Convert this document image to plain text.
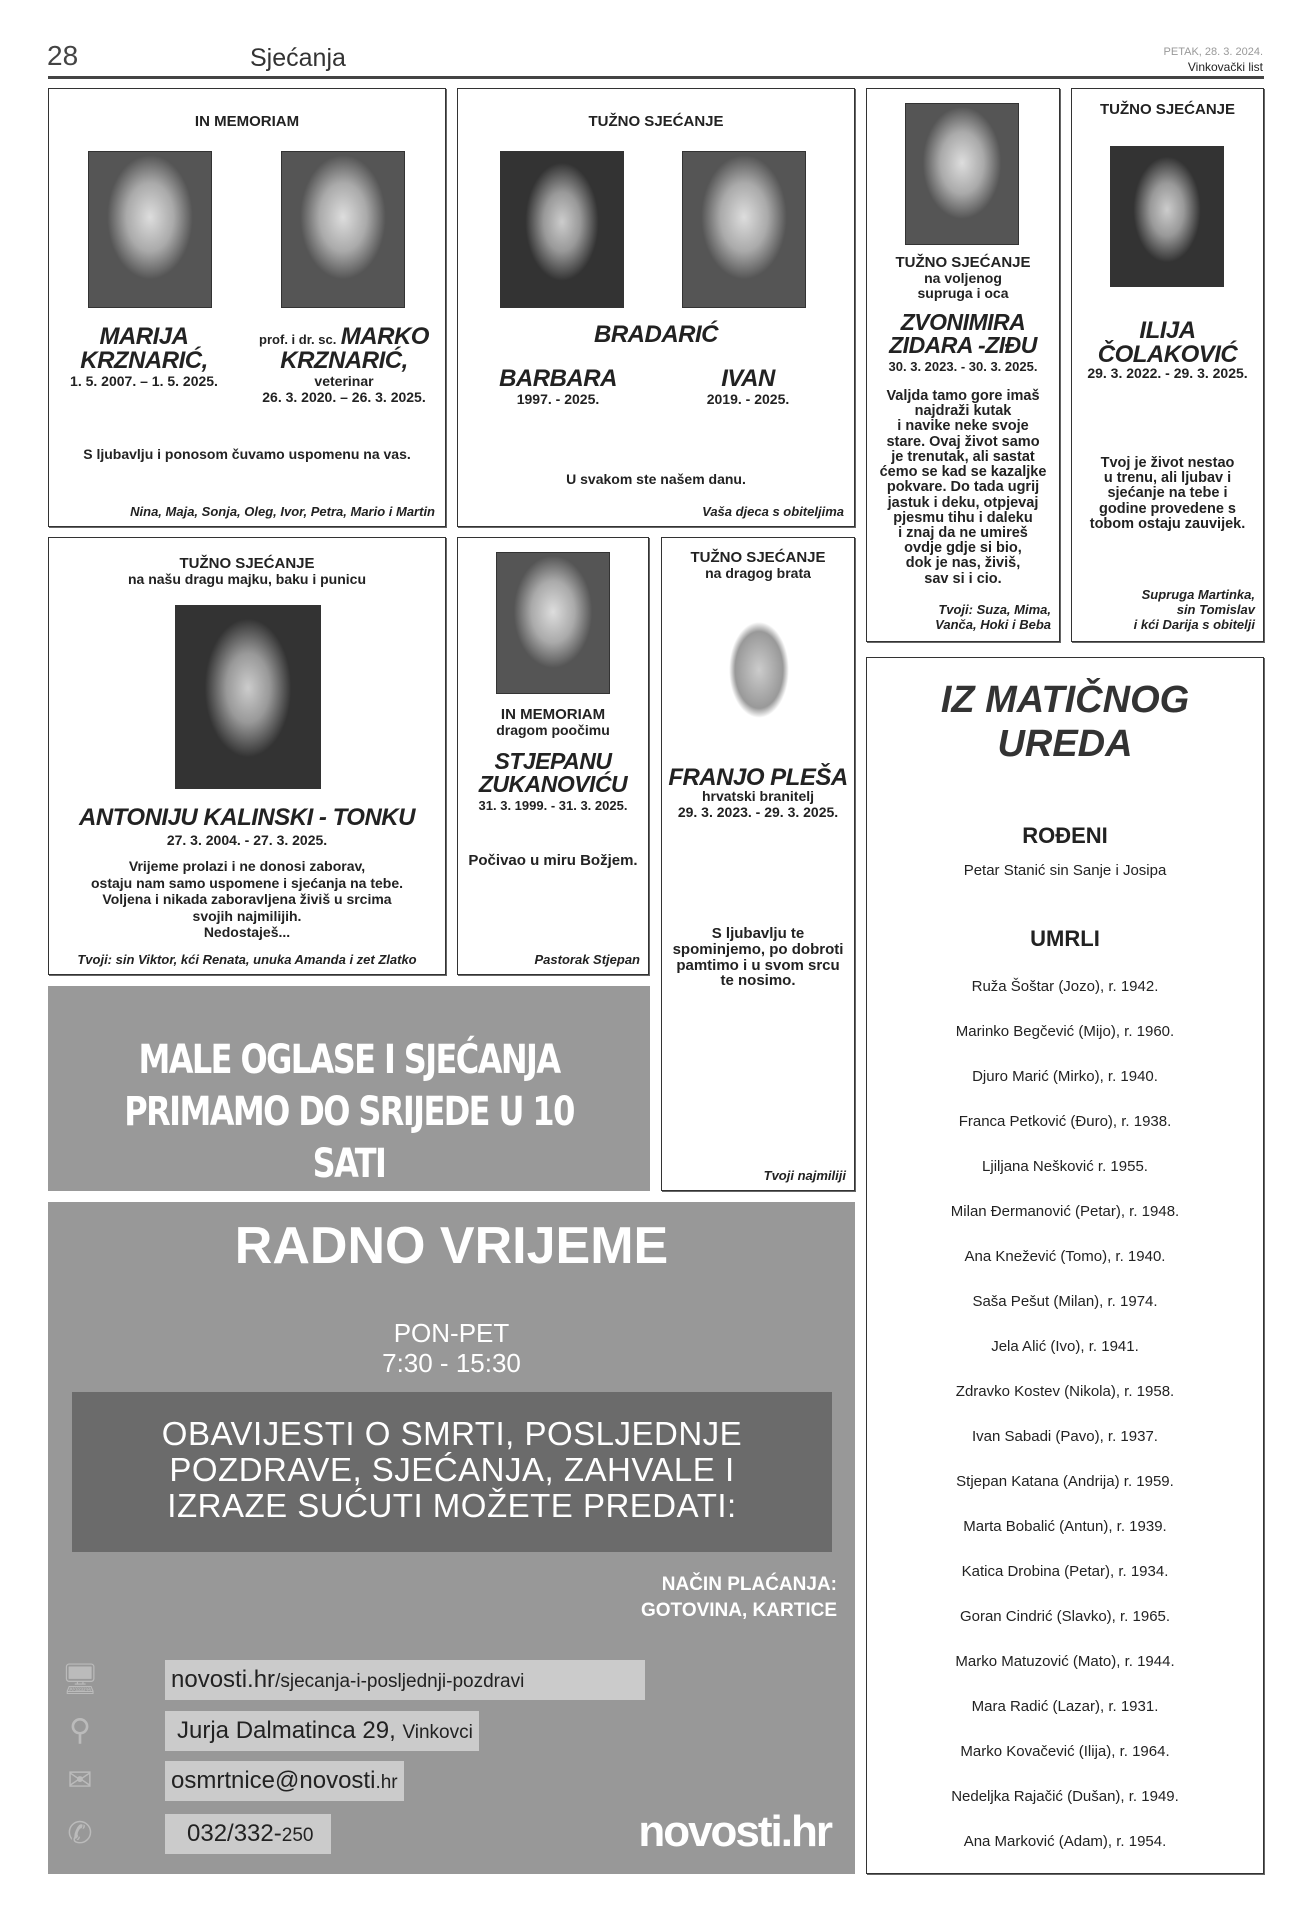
28	Sjećanja	PETAK, 28. 3. 2024.
Vinkovački list
IN MEMORIAM
MARIJA
KRZNARIĆ,
1. 5. 2007. – 1. 5. 2025.
prof. i dr. sc. MARKO
KRZNARIĆ,
veterinar
26. 3. 2020. – 26. 3. 2025.
S ljubavlju i ponosom čuvamo uspomenu na vas.
Nina, Maja, Sonja, Oleg, Ivor, Petra, Mario i Martin
TUŽNO SJEĆANJE
BRADARIĆ
BARBARA
1997. - 2025.
IVAN
2019. - 2025.
U svakom ste našem danu.
Vaša djeca s obiteljima
TUŽNO SJEĆANJE
na voljenog
supruga i oca
ZVONIMIRA
ZIDARA -ZIĐU
30. 3. 2023. - 30. 3. 2025.
Valjda tamo gore imaš
najdraži kutak
i navike neke svoje
stare. Ovaj život samo
je trenutak, ali sastat
ćemo se kad se kazaljke
pokvare. Do tada ugrij
jastuk i deku, otpjevaj
pjesmu tihu i daleku
i znaj da ne umireš
ovdje gdje si bio,
dok je nas, živiš,
sav si i cio.
Tvoji: Suza, Mima,
Vanča, Hoki i Beba
TUŽNO SJEĆANJE
ILIJA
ČOLAKOVIĆ
29. 3. 2022. - 29. 3. 2025.
Tvoj je život nestao
u trenu, ali ljubav i
sjećanje na tebe i
godine provedene s
tobom ostaju zauvijek.
Supruga Martinka,
sin Tomislav
i kći Darija s obitelji
TUŽNO SJEĆANJE
na našu dragu majku, baku i punicu
ANTONIJU KALINSKI - TONKU
27. 3. 2004. - 27. 3. 2025.
Vrijeme prolazi i ne donosi zaborav,
ostaju nam samo uspomene i sjećanja na tebe.
Voljena i nikada zaboravljena živiš u srcima
svojih najmilijih.
Nedostaješ...
Tvoji: sin Viktor, kći Renata, unuka Amanda i zet Zlatko
IN MEMORIAM
dragom poočimu
STJEPANU
ZUKANOVIĆU
31. 3. 1999. - 31. 3. 2025.
Počivao u miru Božjem.
Pastorak Stjepan
TUŽNO SJEĆANJE
na dragog brata
FRANJO PLEŠA
hrvatski branitelj
29. 3. 2023. - 29. 3. 2025.
S ljubavlju te
spominjemo, po dobroti
pamtimo i u svom srcu
te nosimo.
Tvoji najmiliji
MALE OGLASE I SJEĆANJA
PRIMAMO DO SRIJEDE U 10 SATI
RADNO VRIJEME
PON-PET
7:30 - 15:30
OBAVIJESTI O SMRTI, POSLJEDNJE
POZDRAVE, SJEĆANJA, ZAHVALE I
IZRAZE SUĆUTI MOŽETE PREDATI:
NAČIN PLAĆANJA:
GOTOVINA, KARTICE
🖥	novosti.hr/sjecanja-i-posljednji-pozdravi
⚲	Jurja Dalmatinca 29, Vinkovci
✉	osmrtnice@novosti.hr
✆	032/332-250	novosti.hr
IZ MATIČNOG
UREDA
ROĐENI
Petar Stanić sin Sanje i Josipa
UMRLI
Ruža Šoštar (Jozo), r. 1942.
Marinko Begčević (Mijo), r. 1960.
Djuro Marić (Mirko), r. 1940.
Franca Petković (Đuro), r. 1938.
Ljiljana Nešković r. 1955.
Milan Đermanović (Petar), r. 1948.
Ana Knežević (Tomo), r. 1940.
Saša Pešut (Milan), r. 1974.
Jela Alić (Ivo), r. 1941.
Zdravko Kostev (Nikola), r. 1958.
Ivan Sabadi (Pavo), r. 1937.
Stjepan Katana (Andrija) r. 1959.
Marta Bobalić (Antun), r. 1939.
Katica Drobina (Petar), r. 1934.
Goran Cindrić (Slavko), r. 1965.
Marko Matuzović (Mato), r. 1944.
Mara Radić (Lazar), r. 1931.
Marko Kovačević (Ilija), r. 1964.
Nedeljka Rajačić (Dušan), r. 1949.
Ana Marković (Adam), r. 1954.
